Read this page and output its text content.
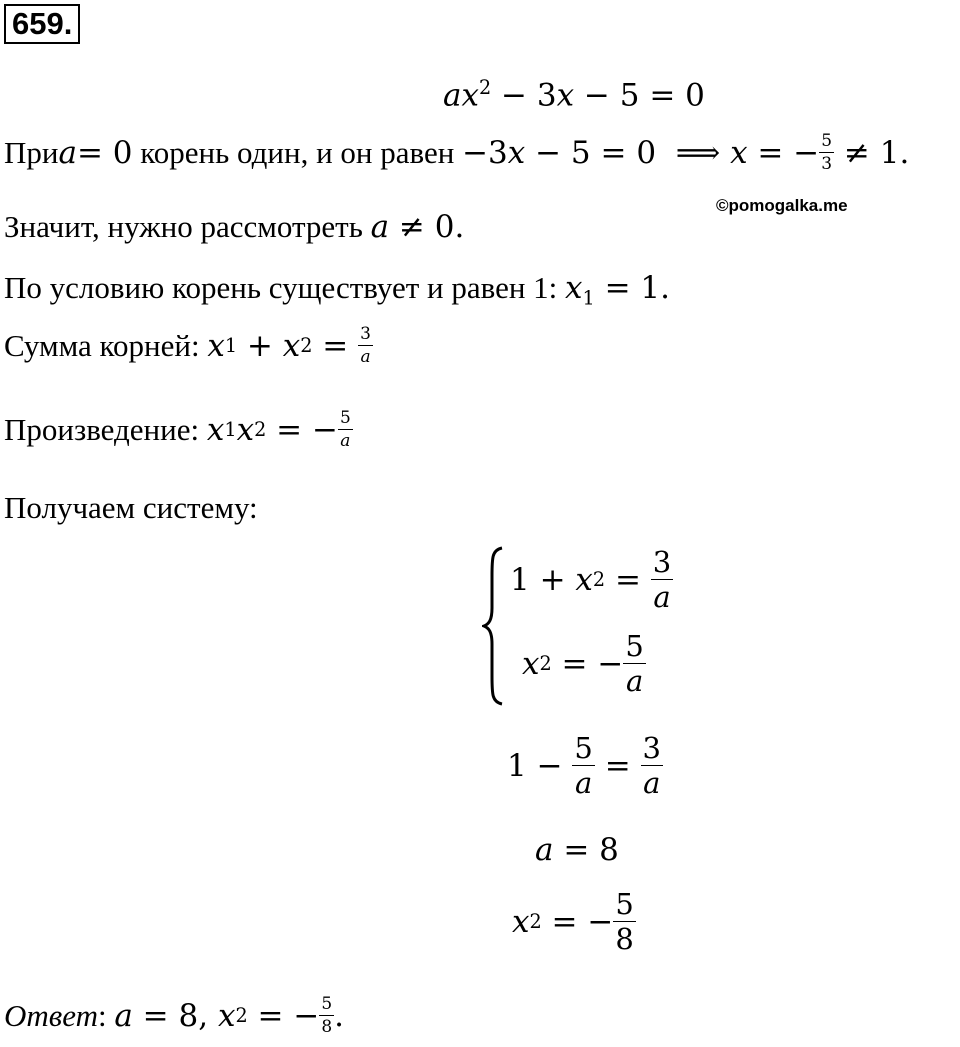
659.
$ax^2 - 3x - 5 = 0$
При a = 0 корень один, и он равен −3 x − 5 = 0  ⟹ x = − $\frac{5}{3} \ne 1$.
©pomogalka.me
Значит, нужно рассмотреть a ≠ 0.
По условию корень существует и равен 1: $x_1 = 1$.
Сумма корней: x 1 + x $2 = \frac{3}{a}$
Произведение: x 1 x 2 = − $\frac{5}{a}$
Получаем систему:
1 + x $2 = \frac{3}{a}$
x 2 = − $\frac{5}{a}$
$1 - \frac{5}{a} = \frac{3}{a}$
a = 8
x 2 = − $\frac{5}{8}$
Ответ : a = 8, x 2 = − $\frac{5}{8}$ .
